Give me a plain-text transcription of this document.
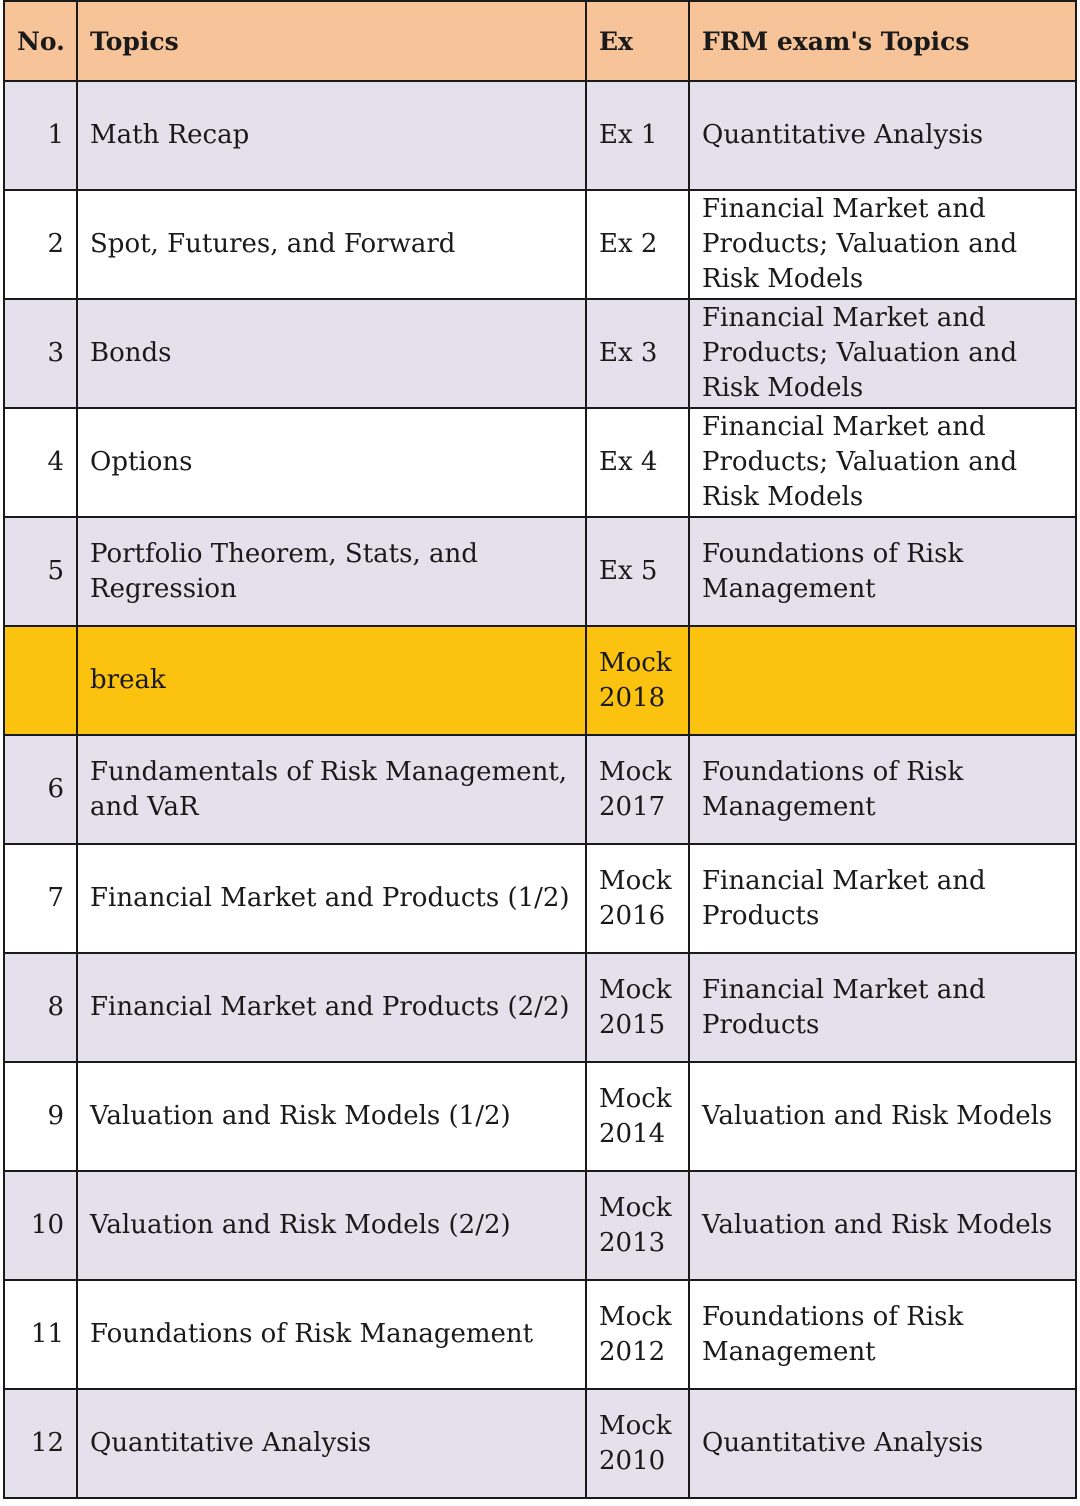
No.	Topics	Ex	FRM exam's Topics
1	Math Recap	Ex 1	Quantitative Analysis
2	Spot, Futures, and Forward	Ex 2	Financial Market and Products; Valuation and Risk Models
3	Bonds	Ex 3	Financial Market and Products; Valuation and Risk Models
4	Options	Ex 4	Financial Market and Products; Valuation and Risk Models
5	Portfolio Theorem, Stats, and Regression	Ex 5	Foundations of Risk Management
	break	Mock 2018	
6	Fundamentals of Risk Management, and VaR	Mock 2017	Foundations of Risk Management
7	Financial Market and Products (1/2)	Mock 2016	Financial Market and Products
8	Financial Market and Products (2/2)	Mock 2015	Financial Market and Products
9	Valuation and Risk Models (1/2)	Mock 2014	Valuation and Risk Models
10	Valuation and Risk Models (2/2)	Mock 2013	Valuation and Risk Models
11	Foundations of Risk Management	Mock 2012	Foundations of Risk Management
12	Quantitative Analysis	Mock 2010	Quantitative Analysis
